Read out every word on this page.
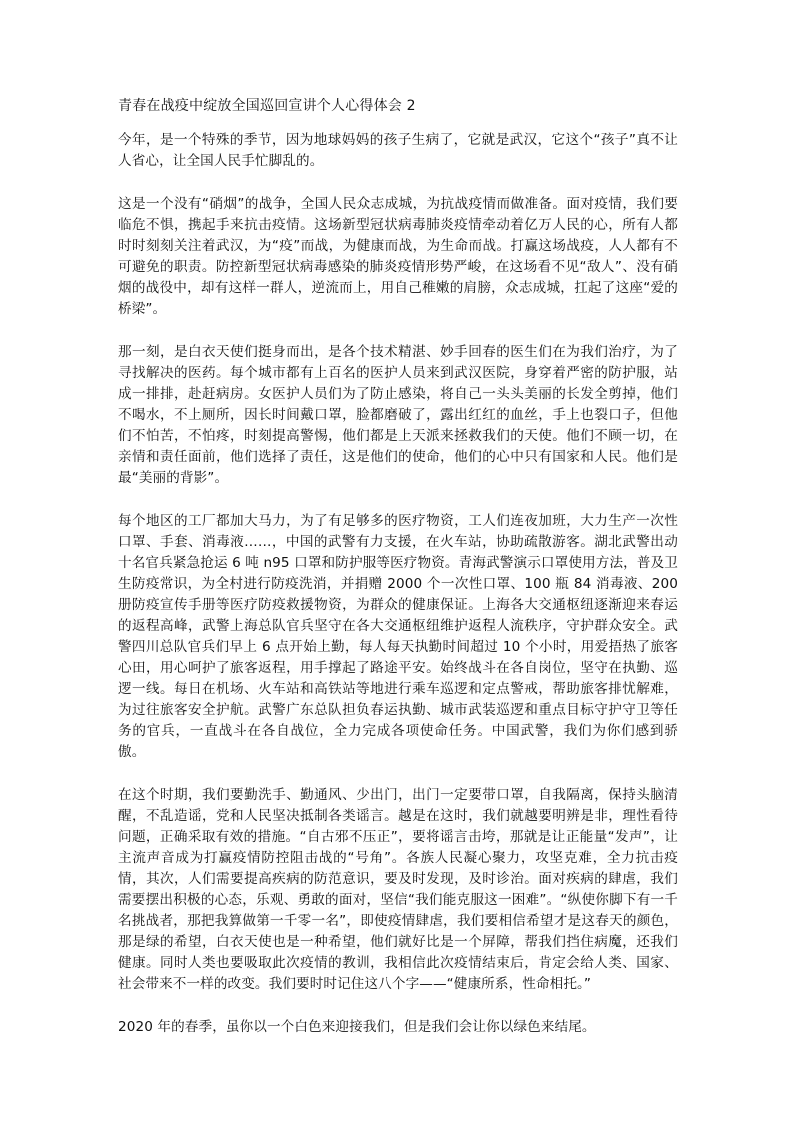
青春在战疫中绽放全国巡回宣讲个人心得体会 2

今年，是一个特殊的季节，因为地球妈妈的孩子生病了，它就是武汉，它这个“孩子”真不让人省心，让全国人民手忙脚乱的。

这是一个没有“硝烟”的战争，全国人民众志成城，为抗战疫情而做准备。面对疫情，我们要临危不惧，携起手来抗击疫情。这场新型冠状病毒肺炎疫情牵动着亿万人民的心，所有人都时时刻刻关注着武汉，为“疫”而战，为健康而战，为生命而战。打赢这场战疫，人人都有不可避免的职责。防控新型冠状病毒感染的肺炎疫情形势严峻，在这场看不见“敌人”、没有硝烟的战役中，却有这样一群人，逆流而上，用自己稚嫩的肩膀，众志成城，扛起了这座“爱的桥梁”。

那一刻，是白衣天使们挺身而出，是各个技术精湛、妙手回春的医生们在为我们治疗，为了寻找解决的医药。每个城市都有上百名的医护人员来到武汉医院，身穿着严密的防护服，站成一排排，赴赶病房。女医护人员们为了防止感染，将自己一头头美丽的长发全剪掉，他们不喝水，不上厕所，因长时间戴口罩，脸都磨破了，露出红红的血丝，手上也裂口子，但他们不怕苦，不怕疼，时刻提高警惕，他们都是上天派来拯救我们的天使。他们不顾一切，在亲情和责任面前，他们选择了责任，这是他们的使命，他们的心中只有国家和人民。他们是最“美丽的背影”。

每个地区的工厂都加大马力，为了有足够多的医疗物资，工人们连夜加班，大力生产一次性口罩、手套、消毒液……，中国的武警有力支援，在火车站，协助疏散游客。湖北武警出动十名官兵紧急抢运 6 吨 n95 口罩和防护服等医疗物资。青海武警演示口罩使用方法，普及卫生防疫常识，为全村进行防疫洗消，并捐赠 2000 个一次性口罩、100 瓶 84 消毒液、200 册防疫宣传手册等医疗防疫救援物资，为群众的健康保证。上海各大交通枢纽逐渐迎来春运的返程高峰，武警上海总队官兵坚守在各大交通枢纽维护返程人流秩序，守护群众安全。武警四川总队官兵们早上 6 点开始上勤，每人每天执勤时间超过 10 个小时，用爱捂热了旅客心田，用心呵护了旅客返程，用手撑起了路途平安。始终战斗在各自岗位，坚守在执勤、巡逻一线。每日在机场、火车站和高铁站等地进行乘车巡逻和定点警戒，帮助旅客排忧解难，为过往旅客安全护航。武警广东总队担负春运执勤、城市武装巡逻和重点目标守护守卫等任务的官兵，一直战斗在各自战位，全力完成各项使命任务。中国武警，我们为你们感到骄傲。

在这个时期，我们要勤洗手、勤通风、少出门，出门一定要带口罩，自我隔离，保持头脑清醒，不乱造谣，党和人民坚决抵制各类谣言。越是在这时，我们就越要明辨是非，理性看待问题，正确采取有效的措施。“自古邪不压正”，要将谣言击垮，那就是让正能量“发声”，让主流声音成为打赢疫情防控阻击战的“号角”。各族人民凝心聚力，攻坚克难，全力抗击疫情，其次，人们需要提高疾病的防范意识，要及时发现，及时诊治。面对疾病的肆虐，我们需要摆出积极的心态，乐观、勇敢的面对，坚信“我们能克服这一困难”。“纵使你脚下有一千名挑战者，那把我算做第一千零一名”，即使疫情肆虐，我们要相信希望才是这春天的颜色，那是绿的希望，白衣天使也是一种希望，他们就好比是一个屏障，帮我们挡住病魔，还我们健康。同时人类也要吸取此次疫情的教训，我相信此次疫情结束后，肯定会给人类、国家、社会带来不一样的改变。我们要时时记住这八个字——“健康所系，性命相托。”

2020 年的春季，虽你以一个白色来迎接我们，但是我们会让你以绿色来结尾。
